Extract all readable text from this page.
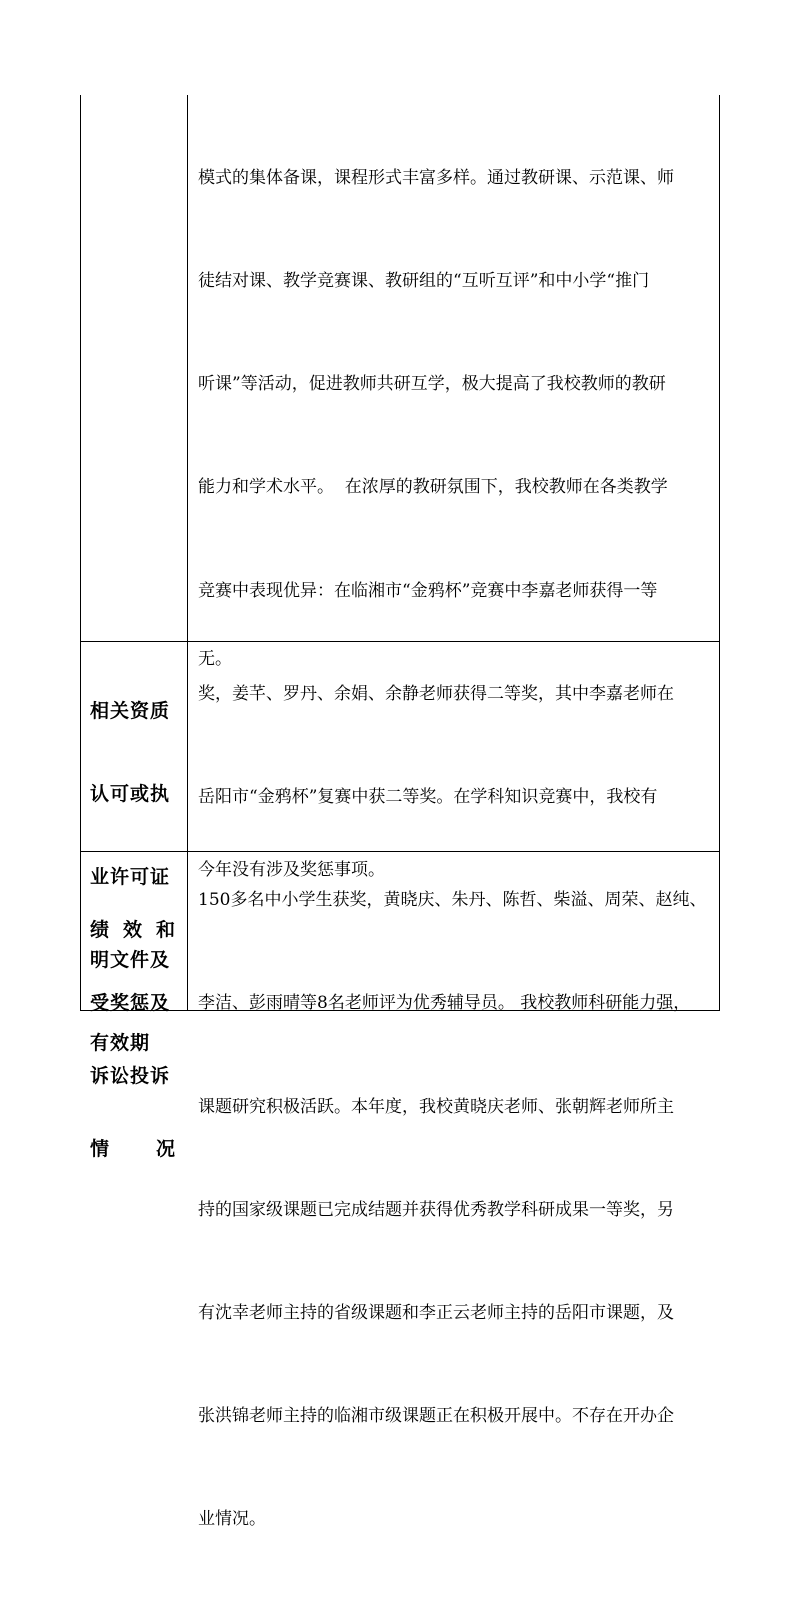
模式的集体备课，课程形式丰富多样。通过教研课、示范课、师

徒结对课、教学竞赛课、教研组的“互听互评”和中小学“推门

听课”等活动，促进教师共研互学，极大提高了我校教师的教研

能力和学术水平。  在浓厚的教研氛围下，我校教师在各类教学

竞赛中表现优异：在临湘市“金鸦杯”竞赛中李嘉老师获得一等

奖，姜芊、罗丹、余娟、余静老师获得二等奖，其中李嘉老师在

岳阳市“金鸦杯”复赛中获二等奖。在学科知识竞赛中，我校有

150多名中小学生获奖，黄晓庆、朱丹、陈哲、柴溢、周荣、赵纯、

李洁、彭雨晴等8名老师评为优秀辅导员。 我校教师科研能力强，

课题研究积极活跃。本年度，我校黄晓庆老师、张朝辉老师所主

持的国家级课题已完成结题并获得优秀教学科研成果一等奖，另

有沈幸老师主持的省级课题和李正云老师主持的岳阳市课题，及

张洪锦老师主持的临湘市级课题正在积极开展中。不存在开办企

业情况。

相关资质

认可或执

业许可证

明文件及

有效期

无。

绩 效 和

受奖惩及

诉讼投诉

情 况

今年没有涉及奖惩事项。
